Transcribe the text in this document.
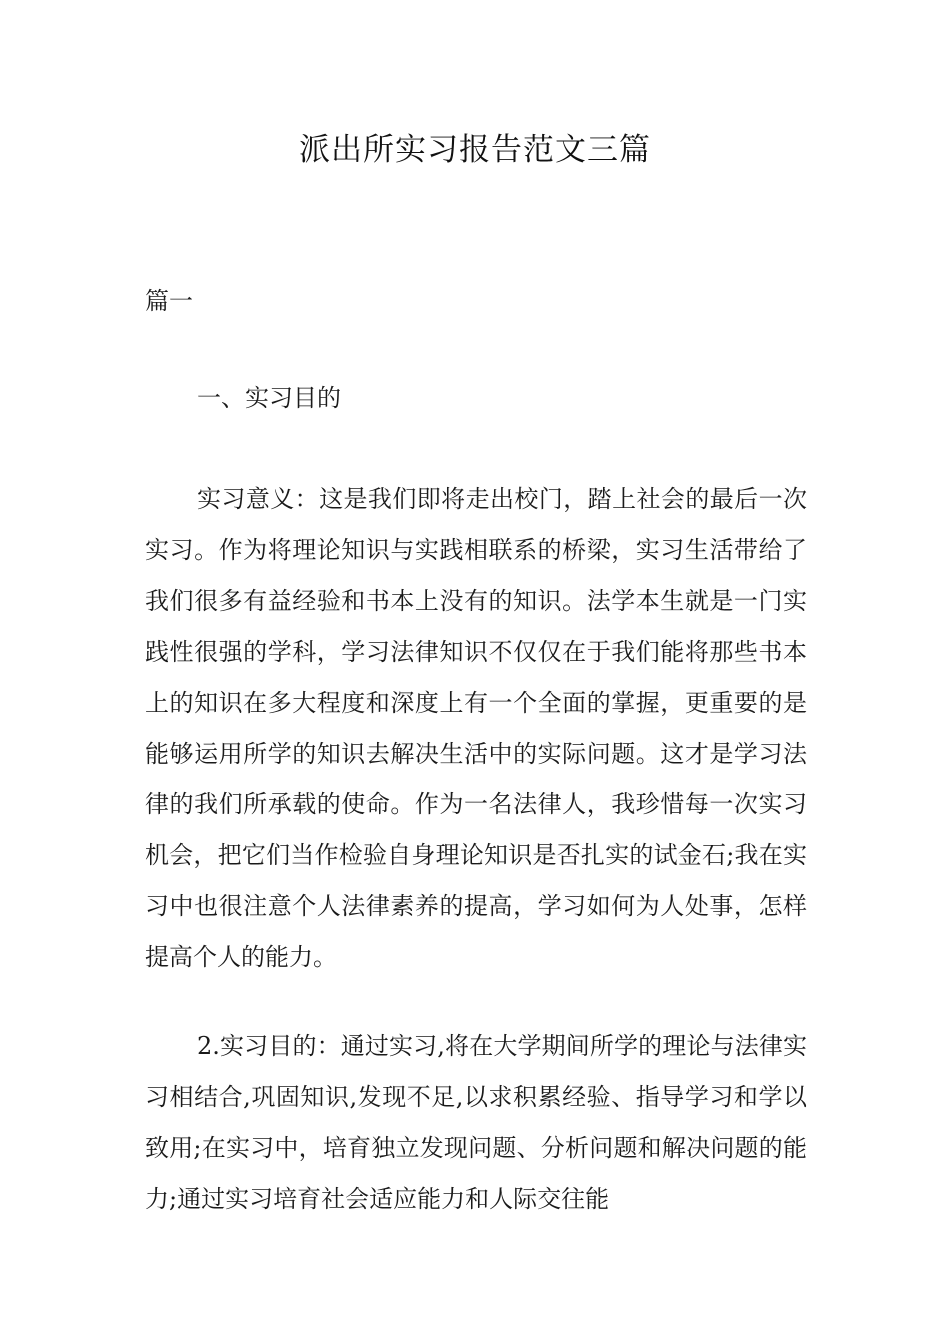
派出所实习报告范文三篇

篇一

一、实习目的

实习意义：这是我们即将走出校门，踏上社会的最后一次实习。作为将理论知识与实践相联系的桥梁，实习生活带给了我们很多有益经验和书本上没有的知识。法学本生就是一门实践性很强的学科，学习法律知识不仅仅在于我们能将那些书本上的知识在多大程度和深度上有一个全面的掌握，更重要的是能够运用所学的知识去解决生活中的实际问题。这才是学习法律的我们所承载的使命。作为一名法律人，我珍惜每一次实习机会，把它们当作检验自身理论知识是否扎实的试金石;我在实习中也很注意个人法律素养的提高，学习如何为人处事，怎样提高个人的能力。

2.实习目的：通过实习,将在大学期间所学的理论与法律实习相结合,巩固知识,发现不足,以求积累经验、指导学习和学以致用;在实习中，培育独立发现问题、分析问题和解决问题的能力;通过实习培育社会适应能力和人际交往能
